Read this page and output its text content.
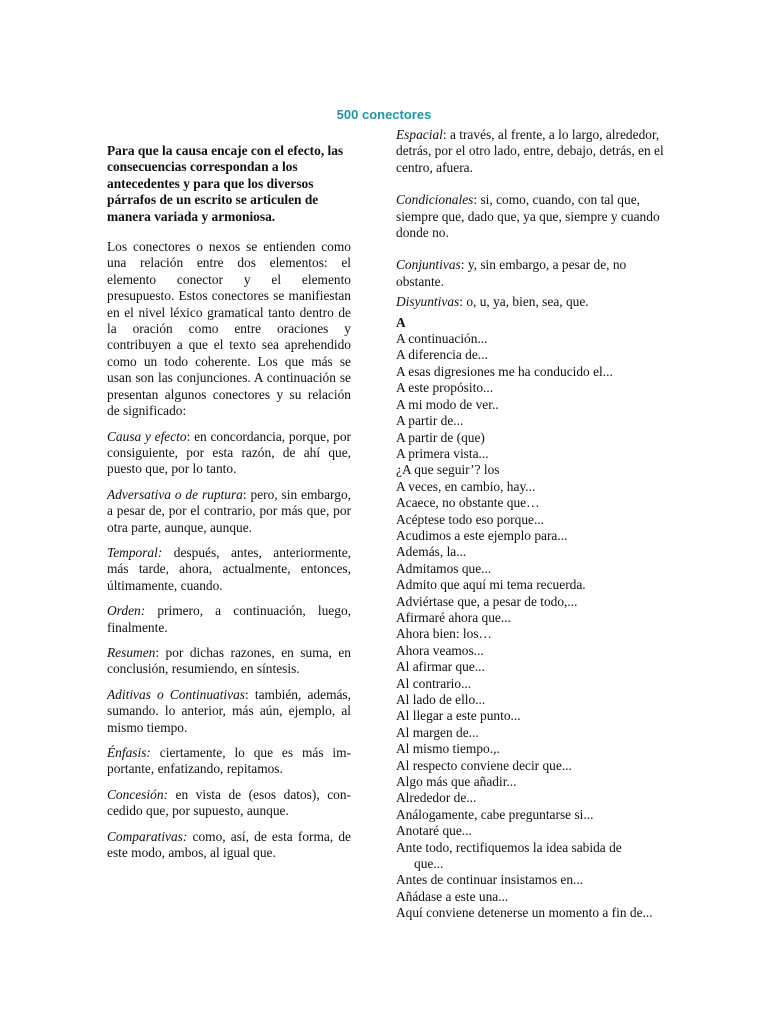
500 conectores

Para que la causa encaje con el efecto, las consecuencias correspondan a los antecedentes y para que los diversos párrafos de un escrito se articulen de manera variada y armoniosa.

Los conectores o nexos se entienden como una relación entre dos elementos: el elemento conector y el elemento presupuesto. Estos conectores se manifiestan en el nivel léxico gramatical tanto dentro de la oración como entre oraciones y contribuyen a que el texto sea aprehendido como un todo coherente. Los que más se usan son las conjunciones. A continuación se presentan algunos conectores y su relación de significado:

Causa y efecto: en concordancia, porque, por consiguiente, por esta razón, de ahí que, puesto que, por lo tanto.

Adversativa o de ruptura: pero, sin embargo, a pesar de, por el contrario, por más que, por otra parte, aunque, aunque.

Temporal: después, antes, anteriormente, más tarde, ahora, actualmente, entonces, últimamente, cuando.

Orden: primero, a continuación, luego, finalmente.

Resumen: por dichas razones, en suma, en conclusión, resumiendo, en síntesis.

Aditivas o Continuativas: también, además, sumando. lo anterior, más aún, ejemplo, al mismo tiempo.

Énfasis: ciertamente, lo que es más im-portante, enfatizando, repitamos.

Concesión: en vista de (esos datos), con-cedido que, por supuesto, aunque.

Comparativas: como, así, de esta forma, de este modo, ambos, al igual que.

Espacial: a través, al frente, a lo largo, alrededor, detrás, por el otro lado, entre, debajo, detrás, en el centro, afuera.

Condicionales: si, como, cuando, con tal que, siempre que, dado que, ya que, siempre y cuando donde no.

Conjuntivas: y, sin embargo, a pesar de, no obstante.

Disyuntivas: o, u, ya, bien, sea, que.

A

A continuación...

A diferencia de...

A esas digresiones me ha conducido el...

A este propósito...

A mi modo de ver..

A partir de...

A partir de (que)

A primera vista...

¿A que seguir’? los

A veces, en cambio, hay...

Acaece, no obstante que…

Acéptese todo eso porque...

Acudimos a este ejemplo para...

Además, la...

Admitamos que...

Admito que aquí mi tema recuerda.

Adviértase que, a pesar de todo,...

Afirmaré ahora que...

Ahora bien: los…

Ahora veamos...

Al afirmar que...

Al contrario...

Al lado de ello...

Al llegar a este punto...

Al margen de...

Al mismo tiempo.,.

Al respecto conviene decir que...

Algo más que añadir...

Alrededor de...

Análogamente, cabe preguntarse si...

Anotaré que...

Ante todo, rectifiquemos la idea sabida de

que...

Antes de continuar insistamos en...

Añádase a este una...

Aquí conviene detenerse un momento a fin de...
